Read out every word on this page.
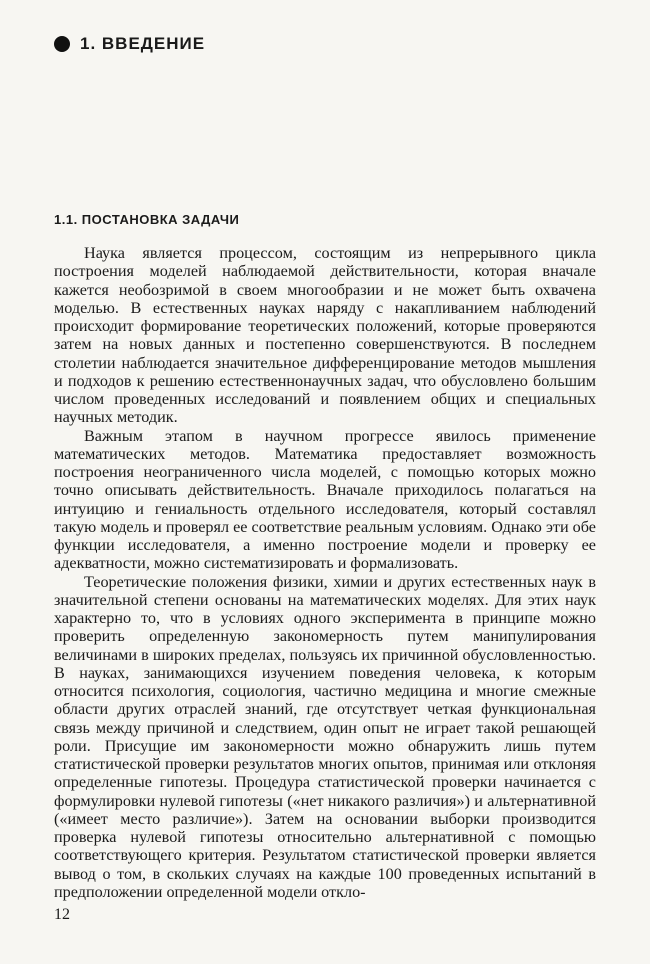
1. ВВЕДЕНИЕ
1.1. ПОСТАНОВКА ЗАДАЧИ

Наука является процессом, состоящим из непрерывного цикла построения моделей наблюдаемой действительности, которая вначале кажется необозримой в своем многообразии и не может быть охвачена моделью. В естественных науках наряду с накапливанием наблюдений происходит формирование теоретических положений, которые проверяются затем на новых данных и постепенно совершенствуются. В последнем столетии наблюдается значительное дифференцирование методов мышления и подходов к решению естественнонаучных задач, что обусловлено большим числом проведенных исследований и появлением общих и специальных научных методик.

Важным этапом в научном прогрессе явилось применение математических методов. Математика предоставляет возможность построения неограниченного числа моделей, с помощью которых можно точно описывать действительность. Вначале приходилось полагаться на интуицию и гениальность отдельного исследователя, который составлял такую модель и проверял ее соответствие реальным условиям. Однако эти обе функции исследователя, а именно построение модели и проверку ее адекватности, можно систематизировать и формализовать.

Теоретические положения физики, химии и других естественных наук в значительной степени основаны на математических моделях. Для этих наук характерно то, что в условиях одного эксперимента в принципе можно проверить определенную закономерность путем манипулирования величинами в широких пределах, пользуясь их причинной обусловленностью. В науках, занимающихся изучением поведения человека, к которым относится психология, социология, частично медицина и многие смежные области других отраслей знаний, где отсутствует четкая функциональная связь между причиной и следствием, один опыт не играет такой решающей роли. Присущие им закономерности можно обнаружить лишь путем статистической проверки результатов многих опытов, принимая или отклоняя определенные гипотезы. Процедура статистической проверки начинается с формулировки нулевой гипотезы («нет никакого различия») и альтернативной («имеет место различие»). Затем на основании выборки производится проверка нулевой гипотезы относительно альтернативной с помощью соответствующего критерия. Результатом статистической проверки является вывод о том, в скольких случаях на каждые 100 проведенных испытаний в предположении определенной модели откло-

12
